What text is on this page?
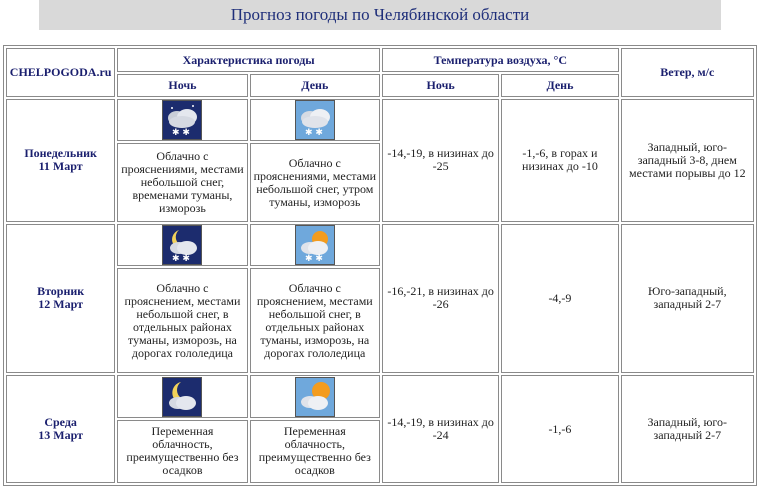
Прогноз погоды по Челябинской области
CHELPOGODA.ru	Характеристика погоды		Температура воздуха, °С		Ветер, м/с
	Ночь	День	Ночь	День	
Понедельник
11 Март	✱ ✱	✱ ✱	-14,-19, в низинах до -25	-1,-6, в горах и низинах до -10	Западный, юго-западный 3-8, днем местами порывы до 12
	Облачно с прояснениями, местами небольшой снег, временами туманы, изморозь	Облачно с прояснениями, местами небольшой снег, утром туманы, изморозь			
Вторник
12 Март	✱ ✱	✱ ✱	-16,-21, в низинах до -26	-4,-9	Юго-западный, западный 2-7
	Облачно с прояснением, местами небольшой снег, в отдельных районах туманы, изморозь, на дорогах гололедица	Облачно с прояснением, местами небольшой снег, в отдельных районах туманы, изморозь, на дорогах гололедица			
Среда
13 Март			-14,-19, в низинах до -24	-1,-6	Западный, юго-западный 2-7
	Переменная облачность, преимущественно без осадков	Переменная облачность, преимущественно без осадков			
